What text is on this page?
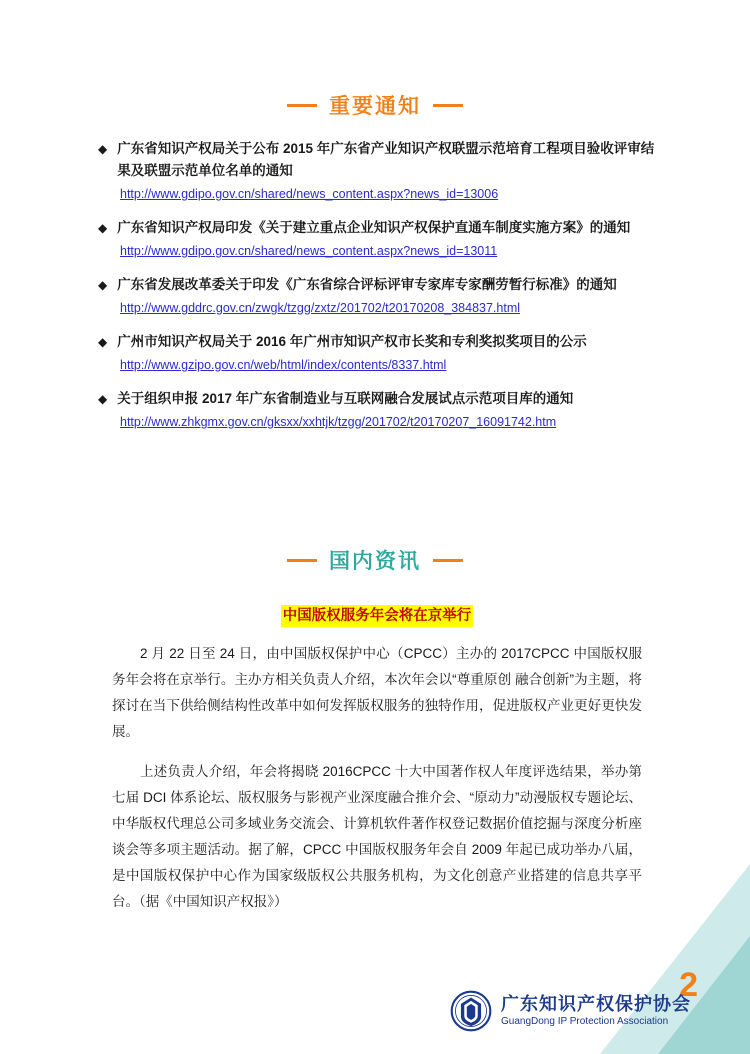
重要通知
◆ 广东省知识产权局关于公布 2015 年广东省产业知识产权联盟示范培育工程项目验收评审结果及联盟示范单位名单的通知
http://www.gdipo.gov.cn/shared/news_content.aspx?news_id=13006
◆ 广东省知识产权局印发《关于建立重点企业知识产权保护直通车制度实施方案》的通知
http://www.gdipo.gov.cn/shared/news_content.aspx?news_id=13011
◆ 广东省发展改革委关于印发《广东省综合评标评审专家库专家酬劳暂行标准》的通知
http://www.gddrc.gov.cn/zwgk/tzgg/zxtz/201702/t20170208_384837.html
◆ 广州市知识产权局关于 2016 年广州市知识产权市长奖和专利奖拟奖项目的公示
http://www.gzipo.gov.cn/web/html/index/contents/8337.html
◆ 关于组织申报 2017 年广东省制造业与互联网融合发展试点示范项目库的通知
http://www.zhkgmx.gov.cn/gksxx/xxhtjk/tzgg/201702/t20170207_16091742.htm
国内资讯
中国版权服务年会将在京举行

2 月 22 日至 24 日，由中国版权保护中心（CPCC）主办的 2017CPCC 中国版权服务年会将在京举行。主办方相关负责人介绍，本次年会以“尊重原创 融合创新”为主题，将探讨在当下供给侧结构性改革中如何发挥版权服务的独特作用，促进版权产业更好更快发展。

上述负责人介绍，年会将揭晓 2016CPCC 十大中国著作权人年度评选结果，举办第七届 DCI 体系论坛、版权服务与影视产业深度融合推介会、“原动力”动漫版权专题论坛、中华版权代理总公司多域业务交流会、计算机软件著作权登记数据价值挖掘与深度分析座谈会等多项主题活动。据了解，CPCC 中国版权服务年会自 2009 年起已成功举办八届，是中国版权保护中心作为国家级版权公共服务机构，为文化创意产业搭建的信息共享平台。（据《中国知识产权报》）

2
广东知识产权保护协会
GuangDong IP Protection Association
